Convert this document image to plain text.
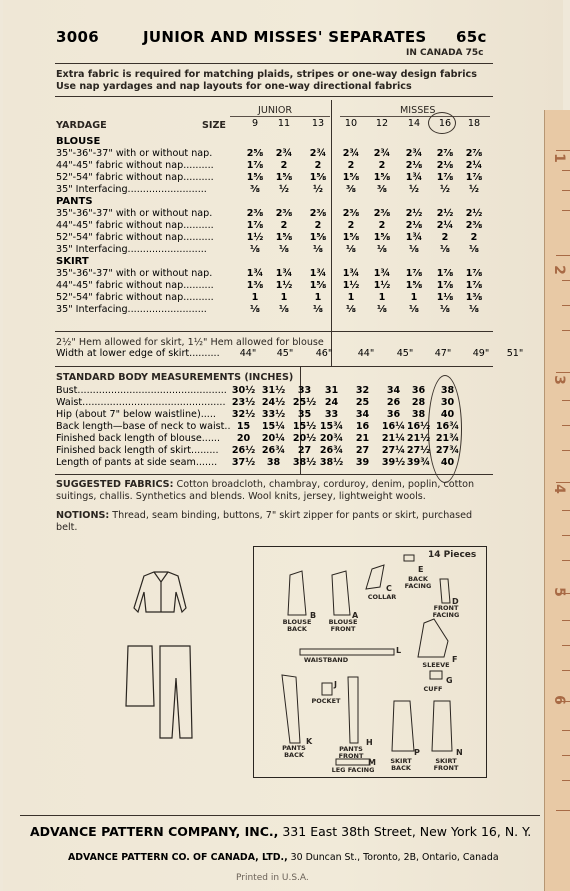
3006	JUNIOR AND MISSES' SEPARATES 65c
IN CANADA 75c
Extra fabric is required for matching plaids, stripes or one-way design fabrics
Use nap yardages and nap layouts for one-way directional fabrics
JUNIOR	MISSES
YARDAGE	SIZE
			9	11	13	10	12	14	16	18

BLOUSE									
35"-36"-37" with or without nap.		2⅝	2¾	2¾	2¾	2¾	2¾	2⅞	2⅞
44"-45" fabric without nap..........		1⅞	2	2	2	2	2⅛	2⅛	2¼
52"-54" fabric without nap..........		1⅝	1⅝	1⅝	1⅝	1⅝	1¾	1⅞	1⅞
35" Interfacing..........................		⅜	½	½	⅜	⅜	½	½	½
PANTS									
35"-36"-37" with or without nap.		2⅜	2⅜	2⅜	2⅜	2⅜	2½	2½	2½
44"-45" fabric without nap..........		1⅞	2	2	2	2	2⅛	2¼	2⅜
52"-54" fabric without nap..........		1½	1⅝	1⅝	1⅝	1⅝	1¾	2	2
35" Interfacing..........................		⅛	⅛	⅛	⅛	⅛	⅛	⅛	⅛
SKIRT									
35"-36"-37" with or without nap.		1¾	1¾	1¾	1¾	1¾	1⅞	1⅞	1⅞
44"-45" fabric without nap..........		1⅜	1½	1⅝	1½	1½	1⅝	1⅞	1⅞
52"-54" fabric without nap..........		1	1	1	1	1	1	1⅛	1⅜
35" Interfacing..........................		⅛	⅛	⅛	⅛	⅛	⅛	⅛	⅛
2½" Hem allowed for skirt, 1½" Hem allowed for blouse
Width at lower edge of skirt..........	44"	45"	46"	44"	45"	47"	49"	51"
STANDARD BODY MEASUREMENTS (INCHES)
Bust.................................................	30½	31½	33	31	32	34	36	38	
Waist...............................................	23½	24½	25½	24	25	26	28	30	
Hip (about 7" below waistline).....	32½	33½	35	33	34	36	38	40	
Back length—base of neck to waist..	15	15¼	15½	15¾	16	16¼	16½	16¾	
Finished back length of blouse......	20	20¼	20½	20¾	21	21¼	21½	21¾	
Finished back length of skirt.........	26½	26¾	27	26¾	27	27¼	27½	27¾	
Length of pants at side seam.......	37½	38	38½	38½	39	39½	39¾	40	

SUGGESTED FABRICS: Cotton broadcloth, chambray, corduroy, denim, poplin, cotton suitings, challis. Synthetics and blends. Wool knits, jersey, lightweight wools.
NOTIONS: Thread, seam binding, buttons, 7" skirt zipper for pants or skirt, purchased belt.
14 Pieces
B
BLOUSE BACK
A
BLOUSE FRONT
C
COLLAR
E
BACK FACING
D
FRONT FACING
L
WAISTBAND	F
SLEEVE
G
CUFF
K
PANTS BACK
J
POCKET
H
PANTS FRONT
M
LEG FACING
P
SKIRT BACK
N
SKIRT FRONT
1
2
3
4
5
6
ADVANCE PATTERN COMPANY, INC., 331 East 38th Street, New York 16, N. Y.
ADVANCE PATTERN CO. OF CANADA, LTD., 30 Duncan St., Toronto, 2B, Ontario, Canada
Printed in U.S.A.
